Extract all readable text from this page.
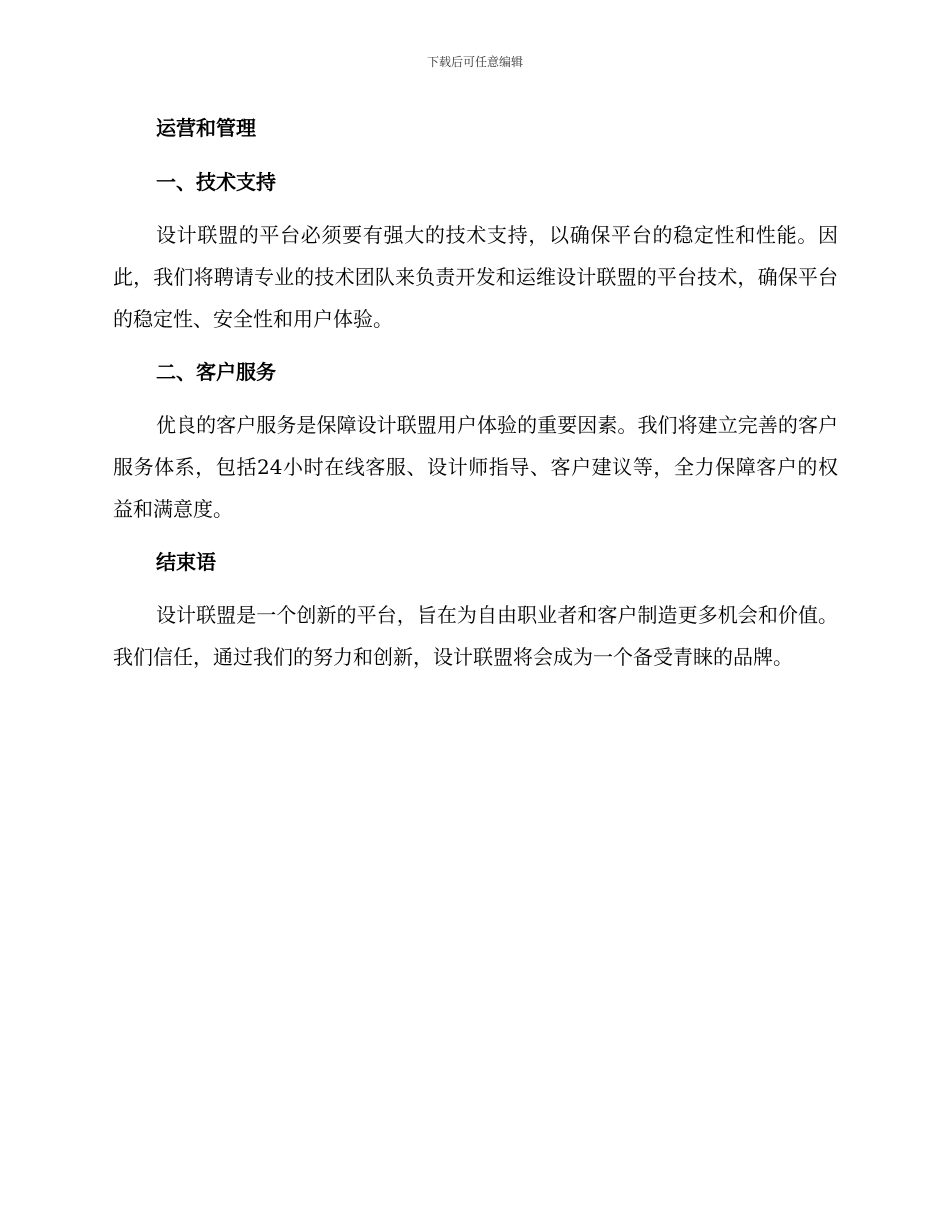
下载后可任意编辑
运营和管理
一、技术支持

设计联盟的平台必须要有强大的技术支持，以确保平台的稳定性和性能。因此，我们将聘请专业的技术团队来负责开发和运维设计联盟的平台技术，确保平台的稳定性、安全性和用户体验。

二、客户服务

优良的客户服务是保障设计联盟用户体验的重要因素。我们将建立完善的客户服务体系，包括24小时在线客服、设计师指导、客户建议等，全力保障客户的权益和满意度。

结束语

设计联盟是一个创新的平台，旨在为自由职业者和客户制造更多机会和价值。我们信任，通过我们的努力和创新，设计联盟将会成为一个备受青睐的品牌。
